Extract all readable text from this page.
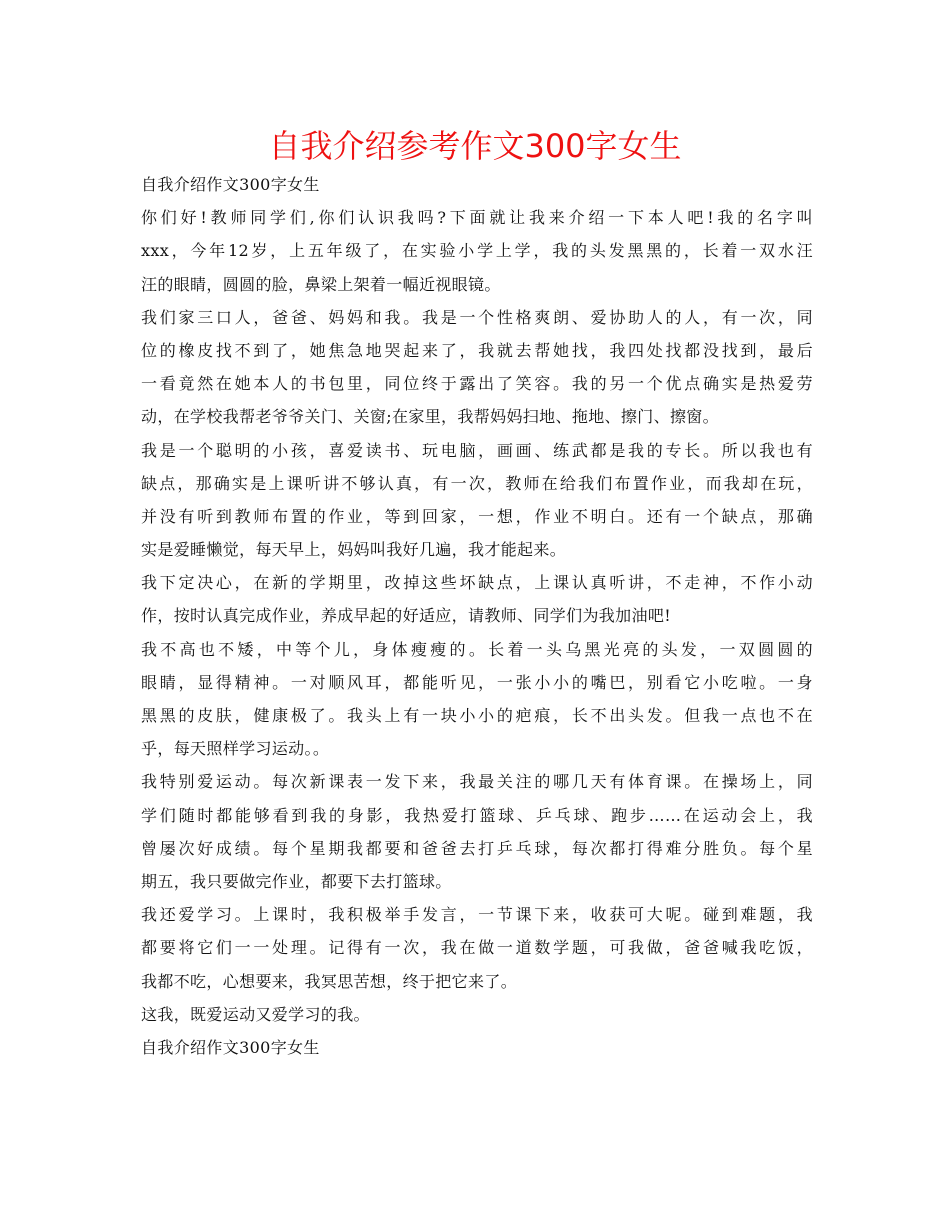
自我介绍参考作文300字女生
自我介绍作文300字女生
你们好!教师同学们,你们认识我吗?下面就让我来介绍一下本人吧!我的名字叫
xxx，今年12岁，上五年级了，在实验小学上学，我的头发黑黑的，长着一双水汪
汪的眼睛，圆圆的脸，鼻梁上架着一幅近视眼镜。
我们家三口人，爸爸、妈妈和我。我是一个性格爽朗、爱协助人的人，有一次，同
位的橡皮找不到了，她焦急地哭起来了，我就去帮她找，我四处找都没找到，最后
一看竟然在她本人的书包里，同位终于露出了笑容。我的另一个优点确实是热爱劳
动，在学校我帮老爷爷关门、关窗;在家里，我帮妈妈扫地、拖地、擦门、擦窗。
我是一个聪明的小孩，喜爱读书、玩电脑，画画、练武都是我的专长。所以我也有
缺点，那确实是上课听讲不够认真，有一次，教师在给我们布置作业，而我却在玩，
并没有听到教师布置的作业，等到回家，一想，作业不明白。还有一个缺点，那确
实是爱睡懒觉，每天早上，妈妈叫我好几遍，我才能起来。
我下定决心，在新的学期里，改掉这些坏缺点，上课认真听讲，不走神，不作小动
作，按时认真完成作业，养成早起的好适应，请教师、同学们为我加油吧!
我不高也不矮，中等个儿，身体瘦瘦的。长着一头乌黑光亮的头发，一双圆圆的
眼睛，显得精神。一对顺风耳，都能听见，一张小小的嘴巴，别看它小吃啦。一身
黑黑的皮肤，健康极了。我头上有一块小小的疤痕，长不出头发。但我一点也不在
乎，每天照样学习运动。。
我特别爱运动。每次新课表一发下来，我最关注的哪几天有体育课。在操场上，同
学们随时都能够看到我的身影，我热爱打篮球、乒乓球、跑步……在运动会上，我
曾屡次好成绩。每个星期我都要和爸爸去打乒乓球，每次都打得难分胜负。每个星
期五，我只要做完作业，都要下去打篮球。
我还爱学习。上课时，我积极举手发言，一节课下来，收获可大呢。碰到难题，我
都要将它们一一处理。记得有一次，我在做一道数学题，可我做，爸爸喊我吃饭，
我都不吃，心想要来，我冥思苦想，终于把它来了。
这我，既爱运动又爱学习的我。
自我介绍作文300字女生
